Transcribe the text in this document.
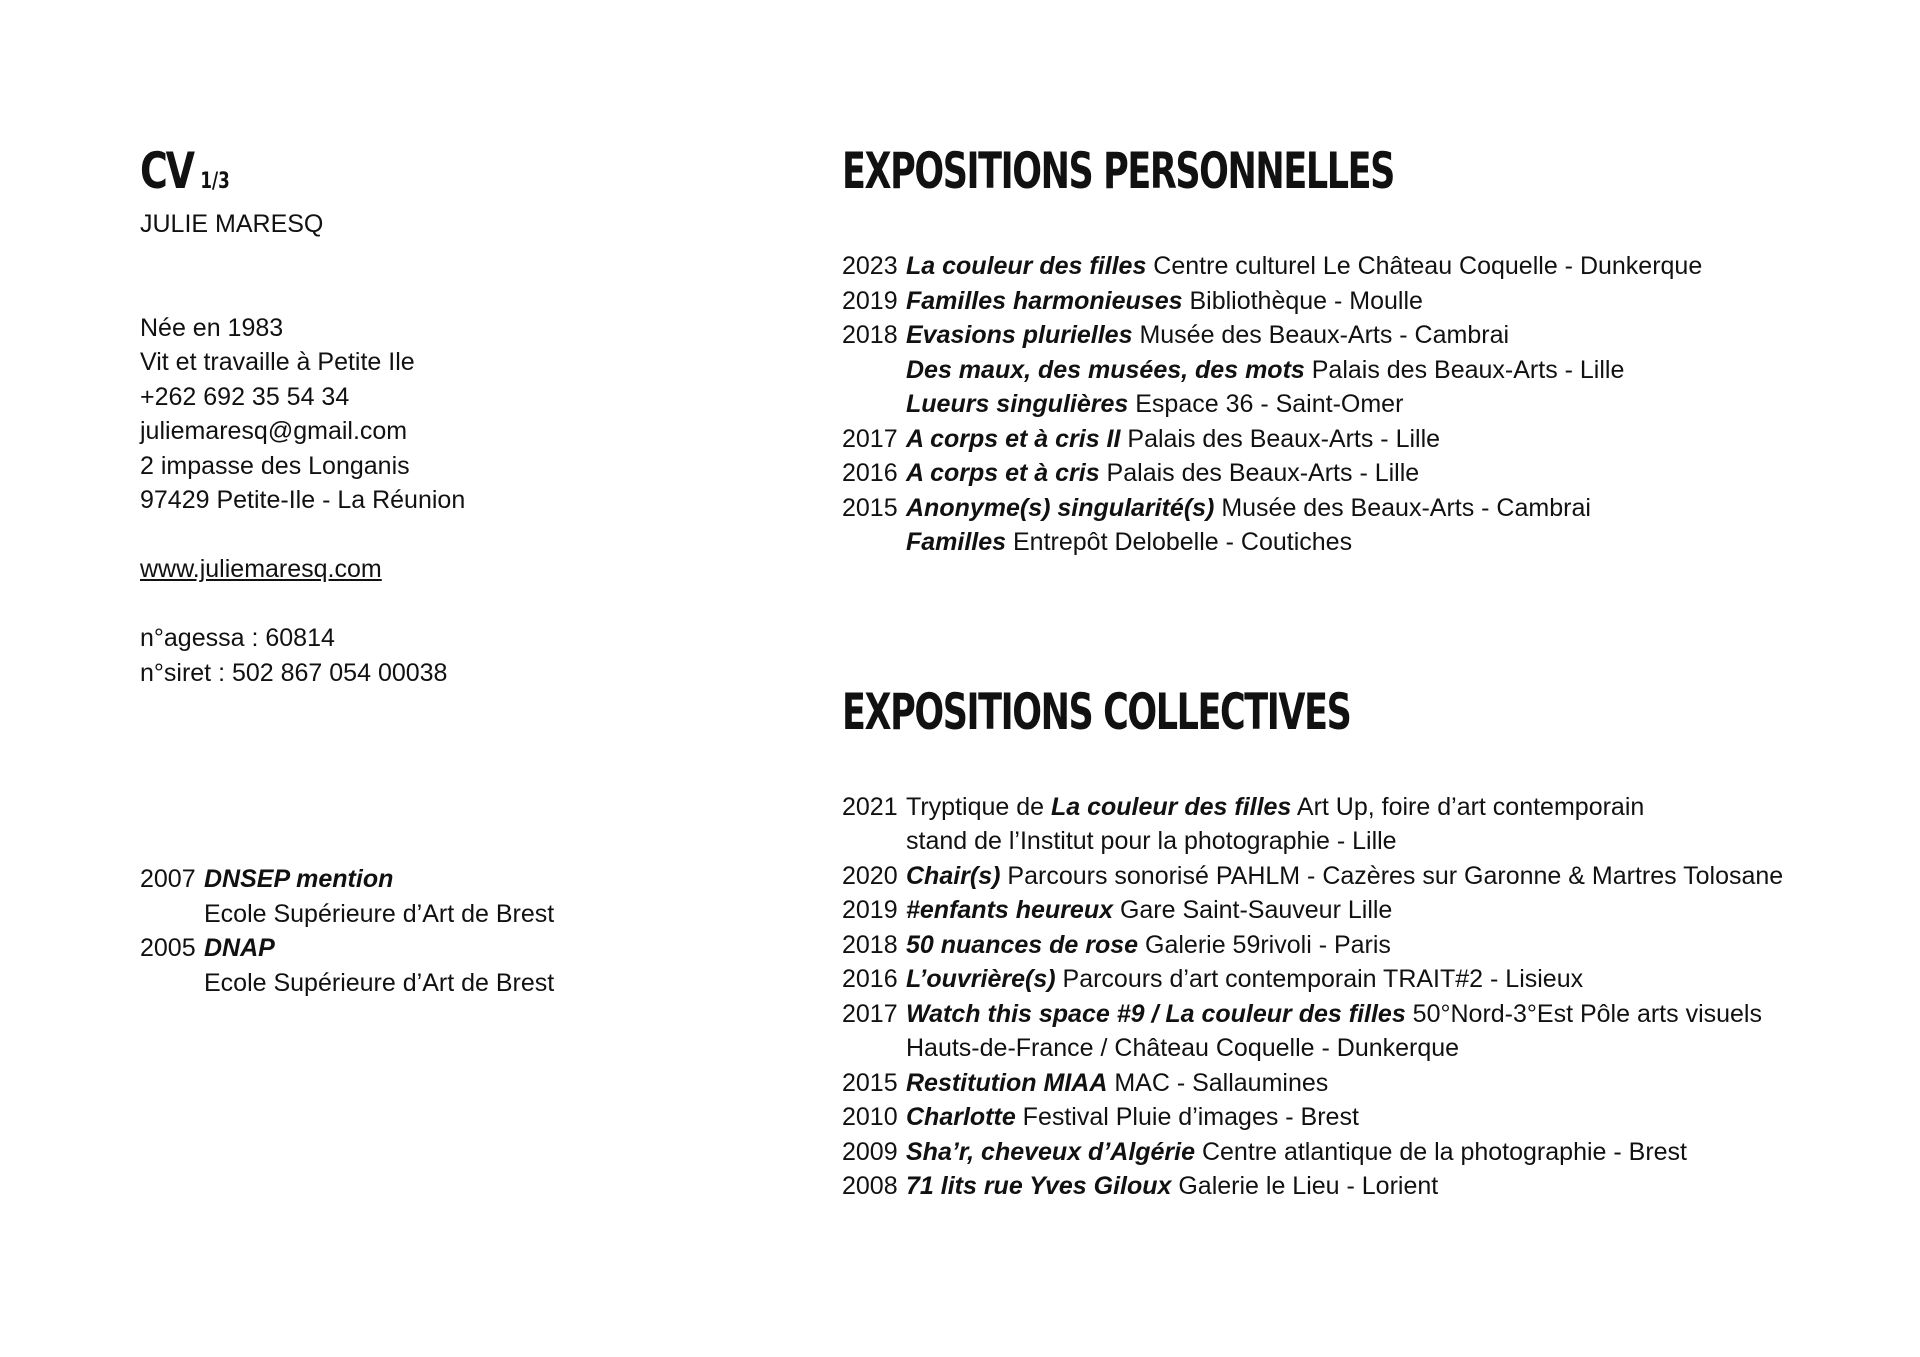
CV 1/3
JULIE MARESQ
Née en 1983
Vit et travaille à Petite Ile
+262 692 35 54 34
juliemaresq@gmail.com
2 impasse des Longanis
97429 Petite-Ile - La Réunion
www.juliemaresq.com
n°agessa : 60814
n°siret : 502 867 054 00038
2007 DNSEP mention
Ecole Supérieure d’Art de Brest
2005 DNAP
Ecole Supérieure d’Art de Brest
EXPOSITIONS PERSONNELLES
2023 La couleur des filles Centre culturel Le Château Coquelle - Dunkerque
2019 Familles harmonieuses Bibliothèque - Moulle
2018 Evasions plurielles Musée des Beaux-Arts - Cambrai
Des maux, des musées, des mots Palais des Beaux-Arts - Lille
Lueurs singulières Espace 36 - Saint-Omer
2017 A corps et à cris II Palais des Beaux-Arts - Lille
2016 A corps et à cris Palais des Beaux-Arts - Lille
2015 Anonyme(s) singularité(s) Musée des Beaux-Arts - Cambrai
Familles Entrepôt Delobelle - Coutiches
EXPOSITIONS COLLECTIVES
2021 Tryptique de La couleur des filles Art Up, foire d’art contemporain
stand de l’Institut pour la photographie - Lille
2020 Chair(s) Parcours sonorisé PAHLM - Cazères sur Garonne & Martres Tolosane
2019 #enfants heureux Gare Saint-Sauveur Lille
2018 50 nuances de rose Galerie 59rivoli - Paris
2016 L’ouvrière(s) Parcours d’art contemporain TRAIT#2 - Lisieux
2017 Watch this space #9 / La couleur des filles 50°Nord-3°Est Pôle arts visuels
Hauts-de-France / Château Coquelle - Dunkerque
2015 Restitution MIAA MAC - Sallaumines
2010 Charlotte Festival Pluie d’images - Brest
2009 Sha’r, cheveux d’Algérie Centre atlantique de la photographie - Brest
2008 71 lits rue Yves Giloux Galerie le Lieu - Lorient
